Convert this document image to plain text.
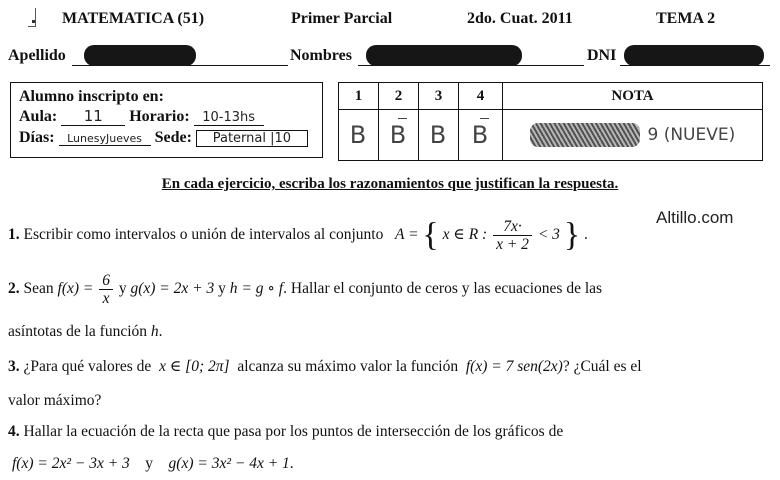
MATEMATICA (51)	Primer Parcial	2do. Cuat. 2011	TEMA 2
Apellido	Nombres	DNI
Alumno inscripto en:
Aula: 11 Horario: 10-13hs
Días: LunesyJueves Sede: Paternal |10
1	2	3	4	NOTA
B	B	B	B	9 (NUEVE)
En cada ejercicio, escriba los razonamientos que justifican la respuesta.
Altillo.com
1. Escribir como intervalos o unión de intervalos al conjunto A = { x ∈ R : $\frac{7x\cdot}{x + 2} < 3$ } .
2. Sean $f(x) = \frac{6}{x}$ y g(x) = 2x + 3 y h = g ∘ f. Hallar el conjunto de ceros y las ecuaciones de las
asíntotas de la función h.
3. ¿Para qué valores de x ∈ [0; 2π] alcanza su máximo valor la función f(x) = 7 sen(2x)? ¿Cuál es el
valor máximo?
4. Hallar la ecuación de la recta que pasa por los puntos de intersección de los gráficos de
f(x) = 2x² − 3x + 3 y g(x) = 3x² − 4x + 1.
